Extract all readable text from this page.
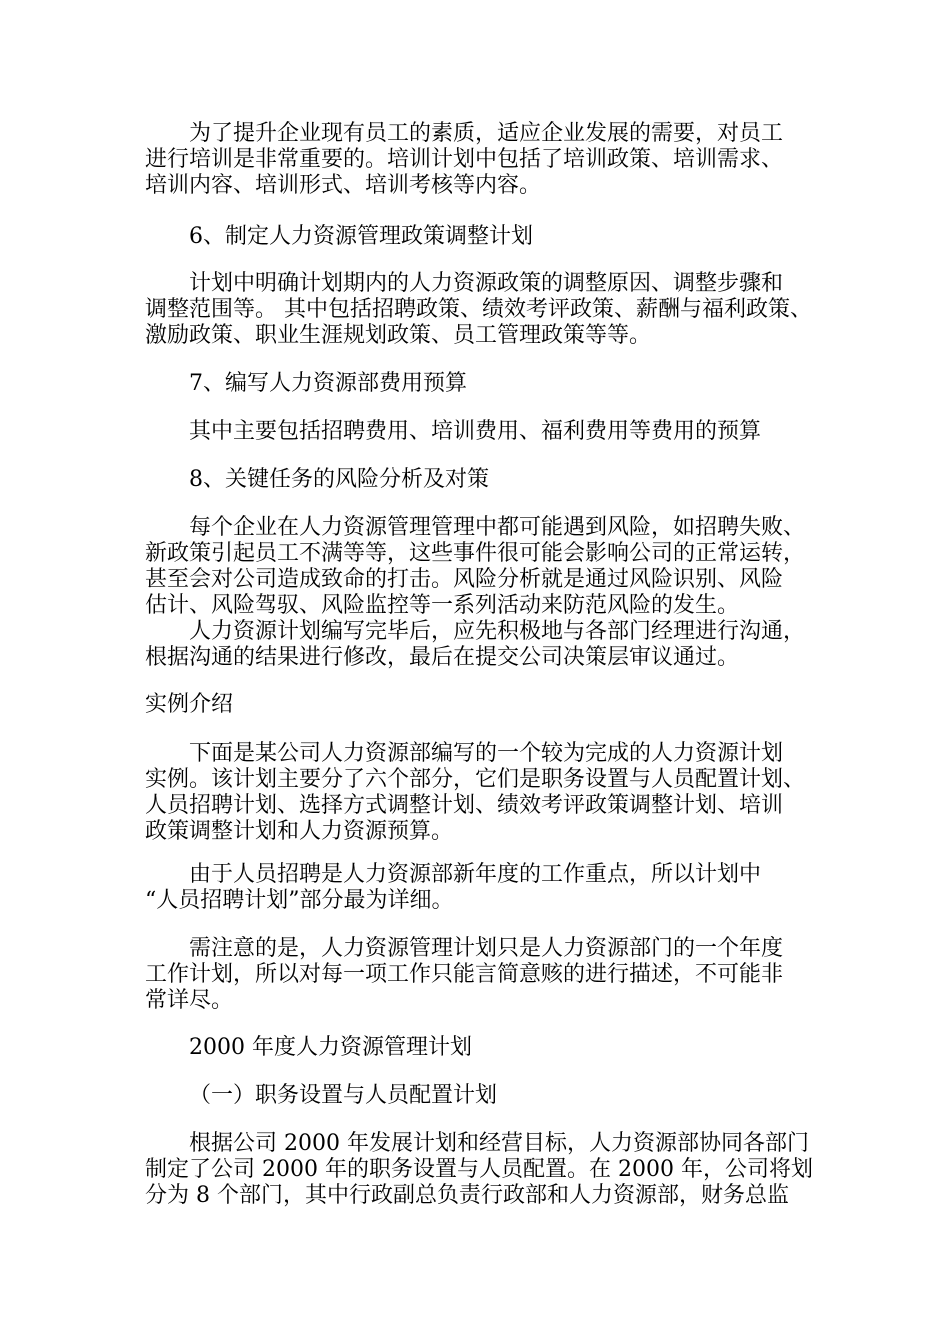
为了提升企业现有员工的素质，适应企业发展的需要，对员工

进行培训是非常重要的。培训计划中包括了培训政策、培训需求、

培训内容、培训形式、培训考核等内容。

6、制定人力资源管理政策调整计划

计划中明确计划期内的人力资源政策的调整原因、调整步骤和

调整范围等。 其中包括招聘政策、绩效考评政策、薪酬与福利政策、

激励政策、职业生涯规划政策、员工管理政策等等。

7、编写人力资源部费用预算

其中主要包括招聘费用、培训费用、福利费用等费用的预算

8、关键任务的风险分析及对策

每个企业在人力资源管理管理中都可能遇到风险，如招聘失败、

新政策引起员工不满等等，这些事件很可能会影响公司的正常运转，

甚至会对公司造成致命的打击。风险分析就是通过风险识别、风险

估计、风险驾驭、风险监控等一系列活动来防范风险的发生。

人力资源计划编写完毕后，应先积极地与各部门经理进行沟通，

根据沟通的结果进行修改，最后在提交公司决策层审议通过。

实例介绍

下面是某公司人力资源部编写的一个较为完成的人力资源计划

实例。该计划主要分了六个部分，它们是职务设置与人员配置计划、

人员招聘计划、选择方式调整计划、绩效考评政策调整计划、培训

政策调整计划和人力资源预算。

由于人员招聘是人力资源部新年度的工作重点，所以计划中

“人员招聘计划”部分最为详细。

需注意的是，人力资源管理计划只是人力资源部门的一个年度

工作计划，所以对每一项工作只能言简意赅的进行描述，不可能非

常详尽。

2000 年度人力资源管理计划

（一）职务设置与人员配置计划

根据公司 2000 年发展计划和经营目标，人力资源部协同各部门

制定了公司 2000 年的职务设置与人员配置。在 2000 年，公司将划

分为 8 个部门，其中行政副总负责行政部和人力资源部，财务总监
